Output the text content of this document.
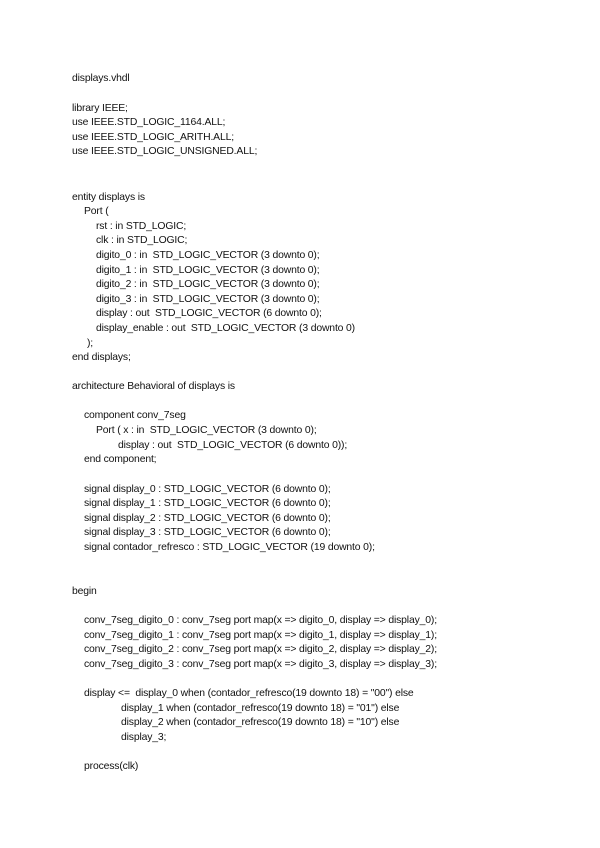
displays.vhdl
library IEEE;
use IEEE.STD_LOGIC_1164.ALL;
use IEEE.STD_LOGIC_ARITH.ALL;
use IEEE.STD_LOGIC_UNSIGNED.ALL;
entity displays is
Port (
rst : in STD_LOGIC;
clk : in STD_LOGIC;
digito_0 : in  STD_LOGIC_VECTOR (3 downto 0);
digito_1 : in  STD_LOGIC_VECTOR (3 downto 0);
digito_2 : in  STD_LOGIC_VECTOR (3 downto 0);
digito_3 : in  STD_LOGIC_VECTOR (3 downto 0);
display : out  STD_LOGIC_VECTOR (6 downto 0);
display_enable : out  STD_LOGIC_VECTOR (3 downto 0)
);
end displays;
architecture Behavioral of displays is
component conv_7seg
Port ( x : in  STD_LOGIC_VECTOR (3 downto 0);
display : out  STD_LOGIC_VECTOR (6 downto 0));
end component;
signal display_0 : STD_LOGIC_VECTOR (6 downto 0);
signal display_1 : STD_LOGIC_VECTOR (6 downto 0);
signal display_2 : STD_LOGIC_VECTOR (6 downto 0);
signal display_3 : STD_LOGIC_VECTOR (6 downto 0);
signal contador_refresco : STD_LOGIC_VECTOR (19 downto 0);
begin
conv_7seg_digito_0 : conv_7seg port map(x => digito_0, display => display_0);
conv_7seg_digito_1 : conv_7seg port map(x => digito_1, display => display_1);
conv_7seg_digito_2 : conv_7seg port map(x => digito_2, display => display_2);
conv_7seg_digito_3 : conv_7seg port map(x => digito_3, display => display_3);
display <=  display_0 when (contador_refresco(19 downto 18) = "00") else
display_1 when (contador_refresco(19 downto 18) = "01") else
display_2 when (contador_refresco(19 downto 18) = "10") else
display_3;
process(clk)
